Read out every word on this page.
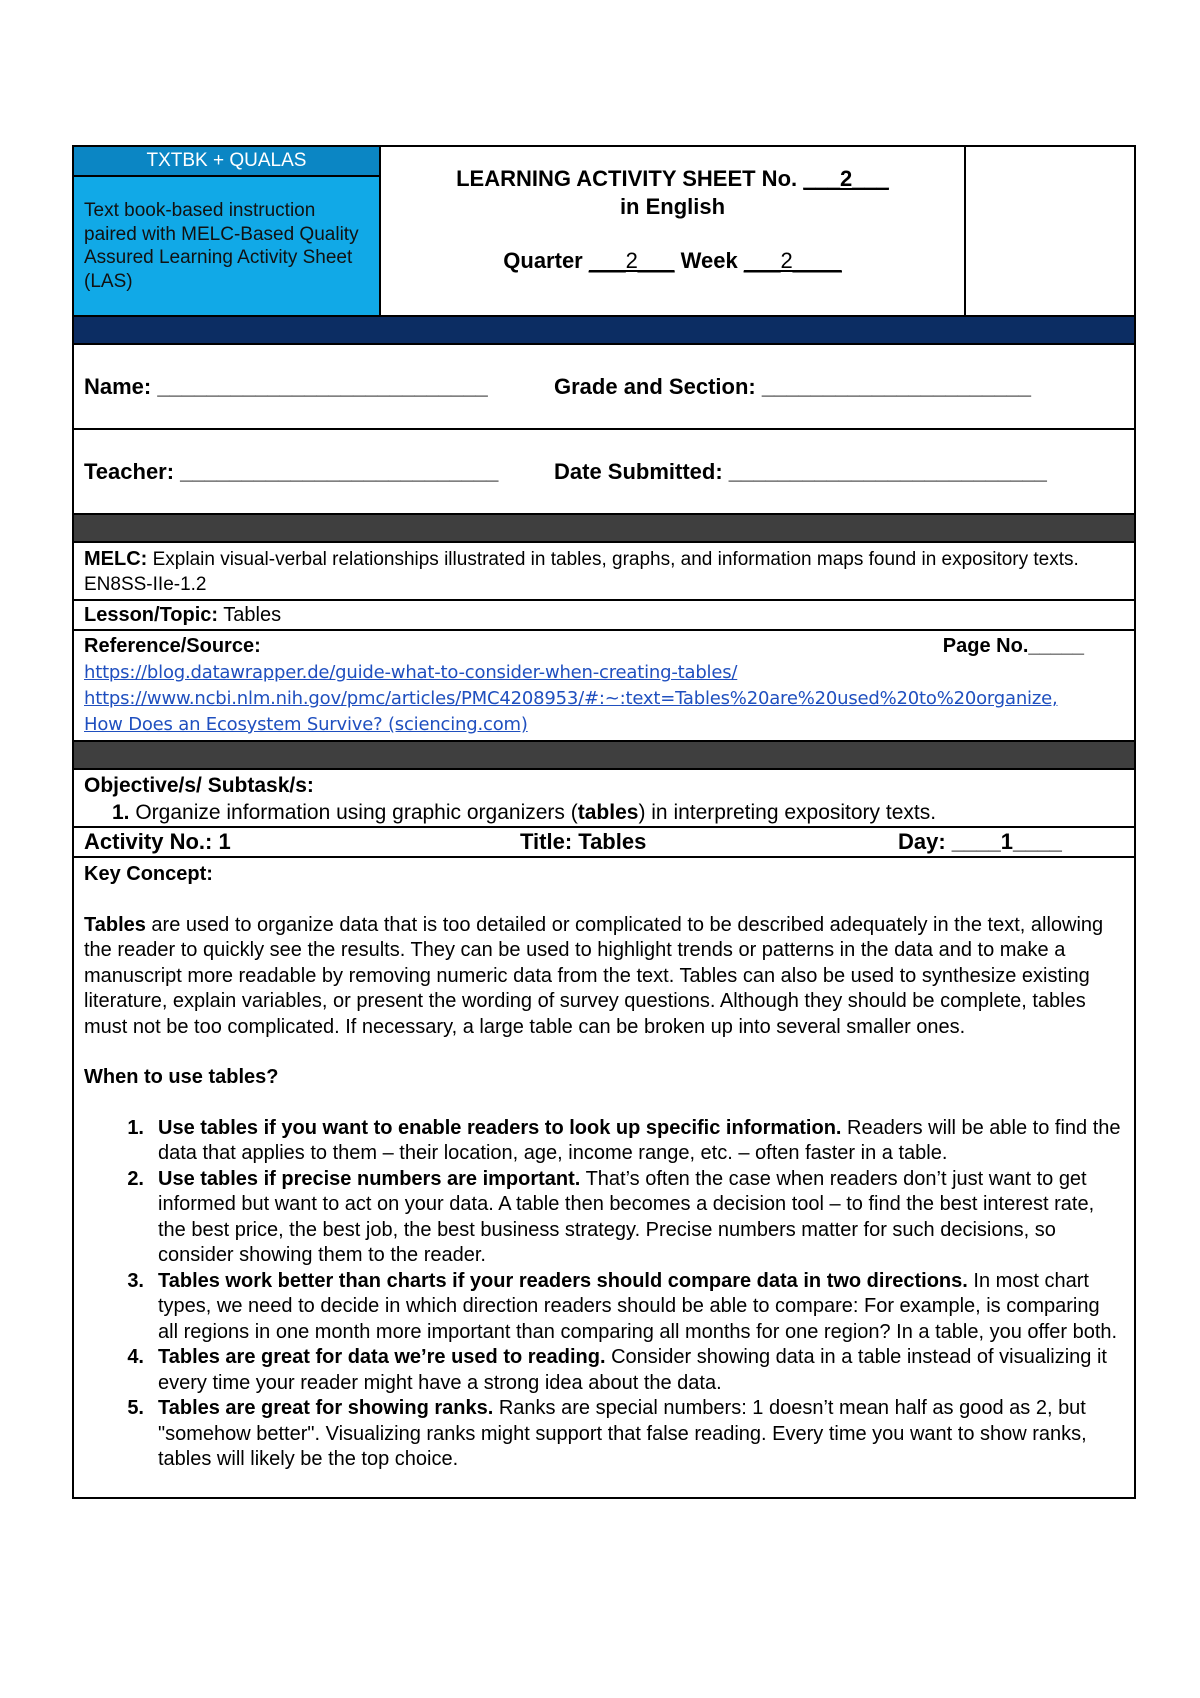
TXTBK + QUALAS
Text book-based instruction paired with MELC-Based Quality Assured Learning Activity Sheet (LAS)
LEARNING ACTIVITY SHEET No. ___2___
in English
Quarter ___2___ Week ___2____
Name: ___________________________	Grade and Section: ______________________
Teacher: __________________________	Date Submitted: __________________________
MELC: Explain visual-verbal relationships illustrated in tables, graphs, and information maps found in expository texts. EN8SS-IIe-1.2
Lesson/Topic: Tables
Reference/Source:	Page No._____
https://blog.datawrapper.de/guide-what-to-consider-when-creating-tables/
https://www.ncbi.nlm.nih.gov/pmc/articles/PMC4208953/#:~:text=Tables%20are%20used%20to%20organize,
How Does an Ecosystem Survive? (sciencing.com)
Objective/s/ Subtask/s:
1. Organize information using graphic organizers (tables) in interpreting expository texts.
Activity No.: 1	Title: Tables	Day: ____1____

Key Concept:

Tables are used to organize data that is too detailed or complicated to be described adequately in the text, allowing the reader to quickly see the results. They can be used to highlight trends or patterns in the data and to make a manuscript more readable by removing numeric data from the text. Tables can also be used to synthesize existing literature, explain variables, or present the wording of survey questions. Although they should be complete, tables must not be too complicated. If necessary, a large table can be broken up into several smaller ones.

When to use tables?

1. Use tables if you want to enable readers to look up specific information. Readers will be able to find the data that applies to them – their location, age, income range, etc. – often faster in a table.
2. Use tables if precise numbers are important. That’s often the case when readers don’t just want to get informed but want to act on your data. A table then becomes a decision tool – to find the best interest rate, the best price, the best job, the best business strategy. Precise numbers matter for such decisions, so consider showing them to the reader.
3. Tables work better than charts if your readers should compare data in two directions. In most chart types, we need to decide in which direction readers should be able to compare: For example, is comparing all regions in one month more important than comparing all months for one region? In a table, you offer both.
4. Tables are great for data we’re used to reading. Consider showing data in a table instead of visualizing it every time your reader might have a strong idea about the data.
5. Tables are great for showing ranks. Ranks are special numbers: 1 doesn’t mean half as good as 2, but "somehow better". Visualizing ranks might support that false reading. Every time you want to show ranks, tables will likely be the top choice.
